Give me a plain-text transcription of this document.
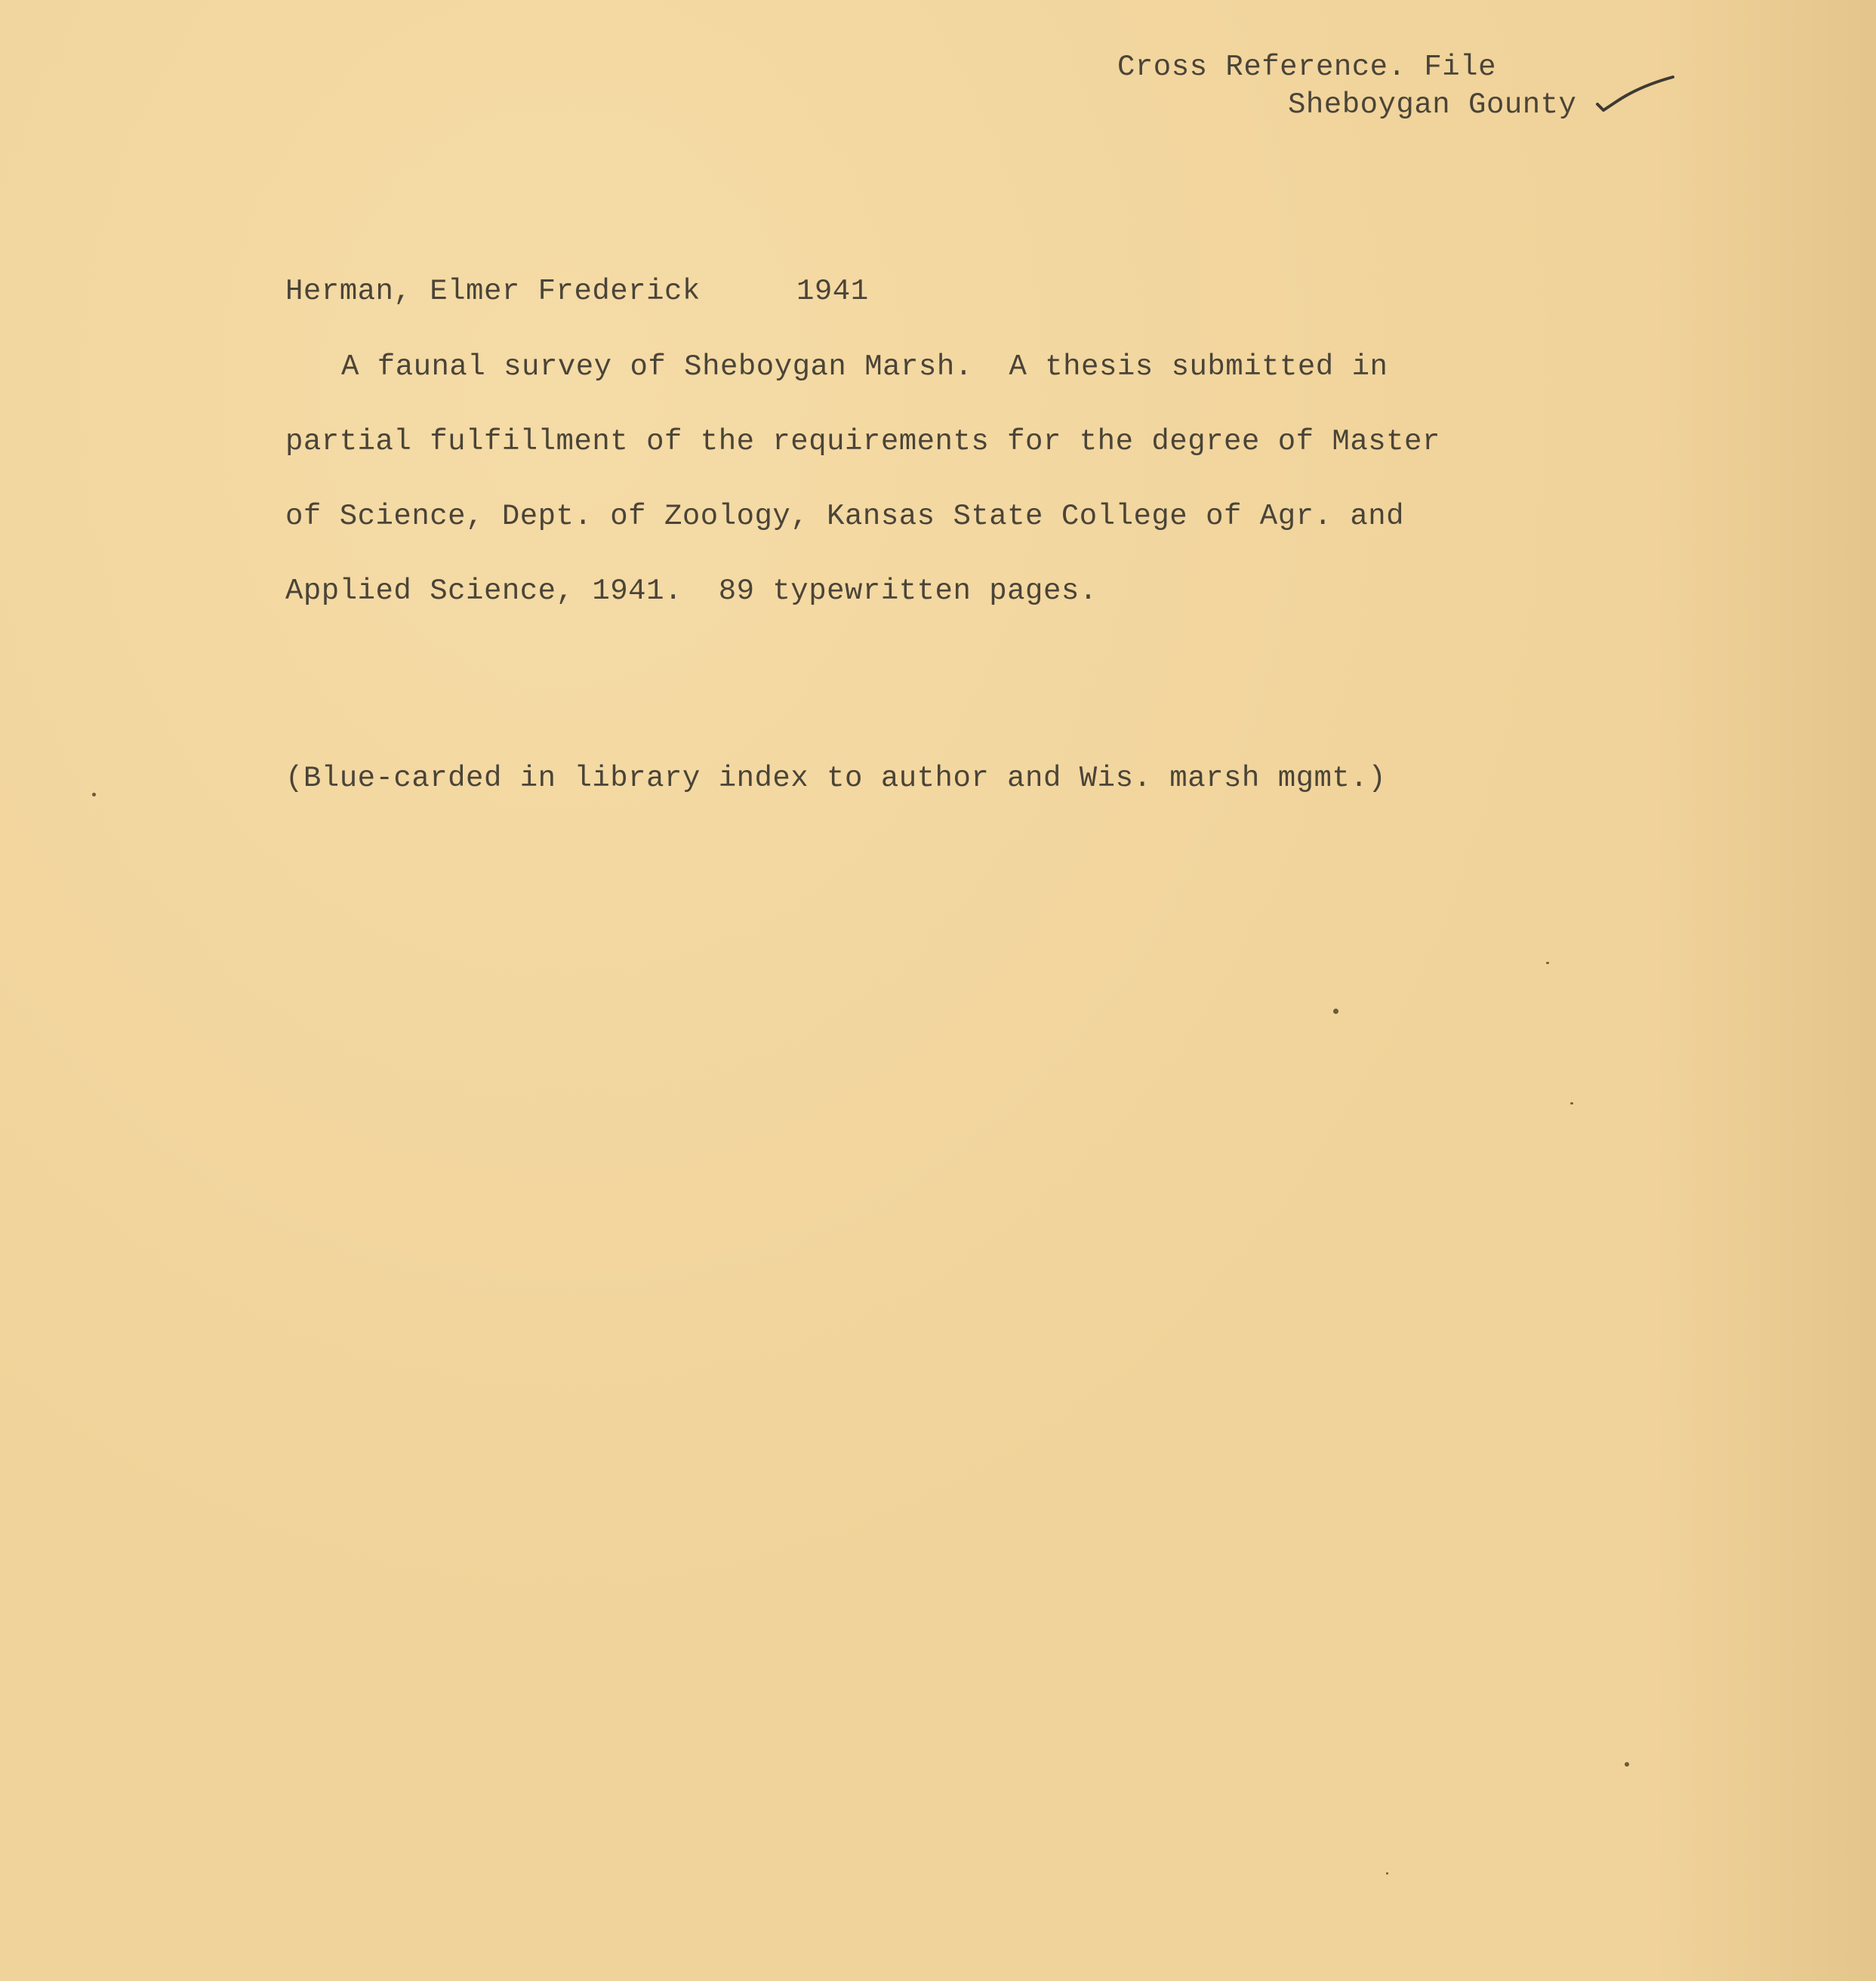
Cross Reference. File
Sheboygan Gounty
Herman, Elmer Frederick	1941
A faunal survey of Sheboygan Marsh.  A thesis submitted in
partial fulfillment of the requirements for the degree of Master
of Science, Dept. of Zoology, Kansas State College of Agr. and
Applied Science, 1941.  89 typewritten pages.
(Blue-carded in library index to author and Wis. marsh mgmt.)
